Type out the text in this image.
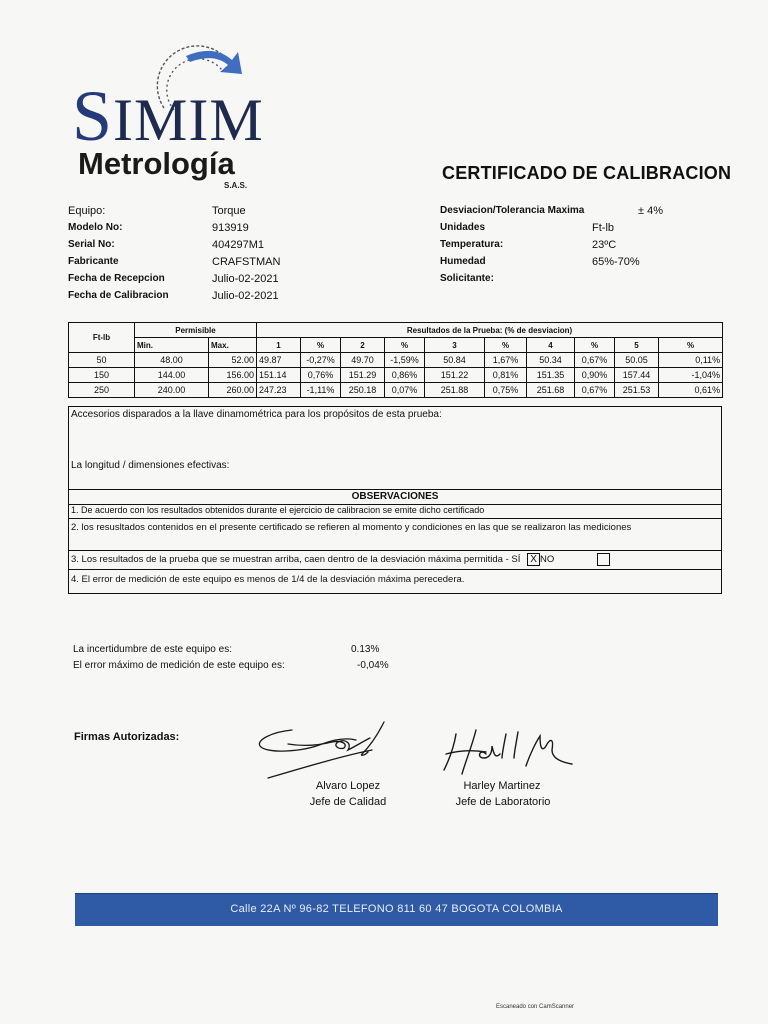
SIMIM
Metrología
S.A.S.
CERTIFICADO DE CALIBRACION
Equipo:	Torque
Modelo No:	913919
Serial No:	404297M1
Fabricante	CRAFSTMAN
Fecha de Recepcion	Julio-02-2021
Fecha de Calibracion	Julio-02-2021
Desviacion/Tolerancia Maxima	± 4%
Unidades	Ft-lb
Temperatura:	23ºC
Humedad	65%-70%
Solicitante:
Ft-lb	Permisible		Resultados de la Prueba: (% de desviacion)									
	Min.	Max.	1	%	2	%	3	%	4	%	5	%
50	48.00	52.00	49.87	-0,27%	49.70	-1,59%	50.84	1,67%	50.34	0,67%	50.05	0,11%
150	144.00	156.00	151.14	0,76%	151.29	0,86%	151.22	0,81%	151.35	0,90%	157.44	-1,04%
250	240.00	260.00	247.23	-1,11%	250.18	0,07%	251.88	0,75%	251.68	0,67%	251.53	0,61%
Accesorios disparados a la llave dinamométrica para los propósitos de esta prueba:
La longitud / dimensiones efectivas:
OBSERVACIONES
1. De acuerdo con los resultados obtenidos durante el ejercicio de calibracion se emite dicho certificado
2. los resusltados contenidos en el presente certificado se refieren al momento y condiciones en las que se realizaron las mediciones
3. Los resultados de la prueba que se muestran arriba, caen dentro de la desviación máxima permitida - SÍ X NO
4. El error de medición de este equipo es menos de 1/4 de la desviación máxima perecedera.
La incertidumbre de este equipo es:	0.13%
El error máximo de medición de este equipo es:	-0,04%
Firmas Autorizadas:
Alvaro Lopez
Jefe de Calidad
Harley Martinez
Jefe de Laboratorio
Calle 22A Nº 96-82 TELEFONO 811 60 47 BOGOTA COLOMBIA
Escaneado con CamScanner
